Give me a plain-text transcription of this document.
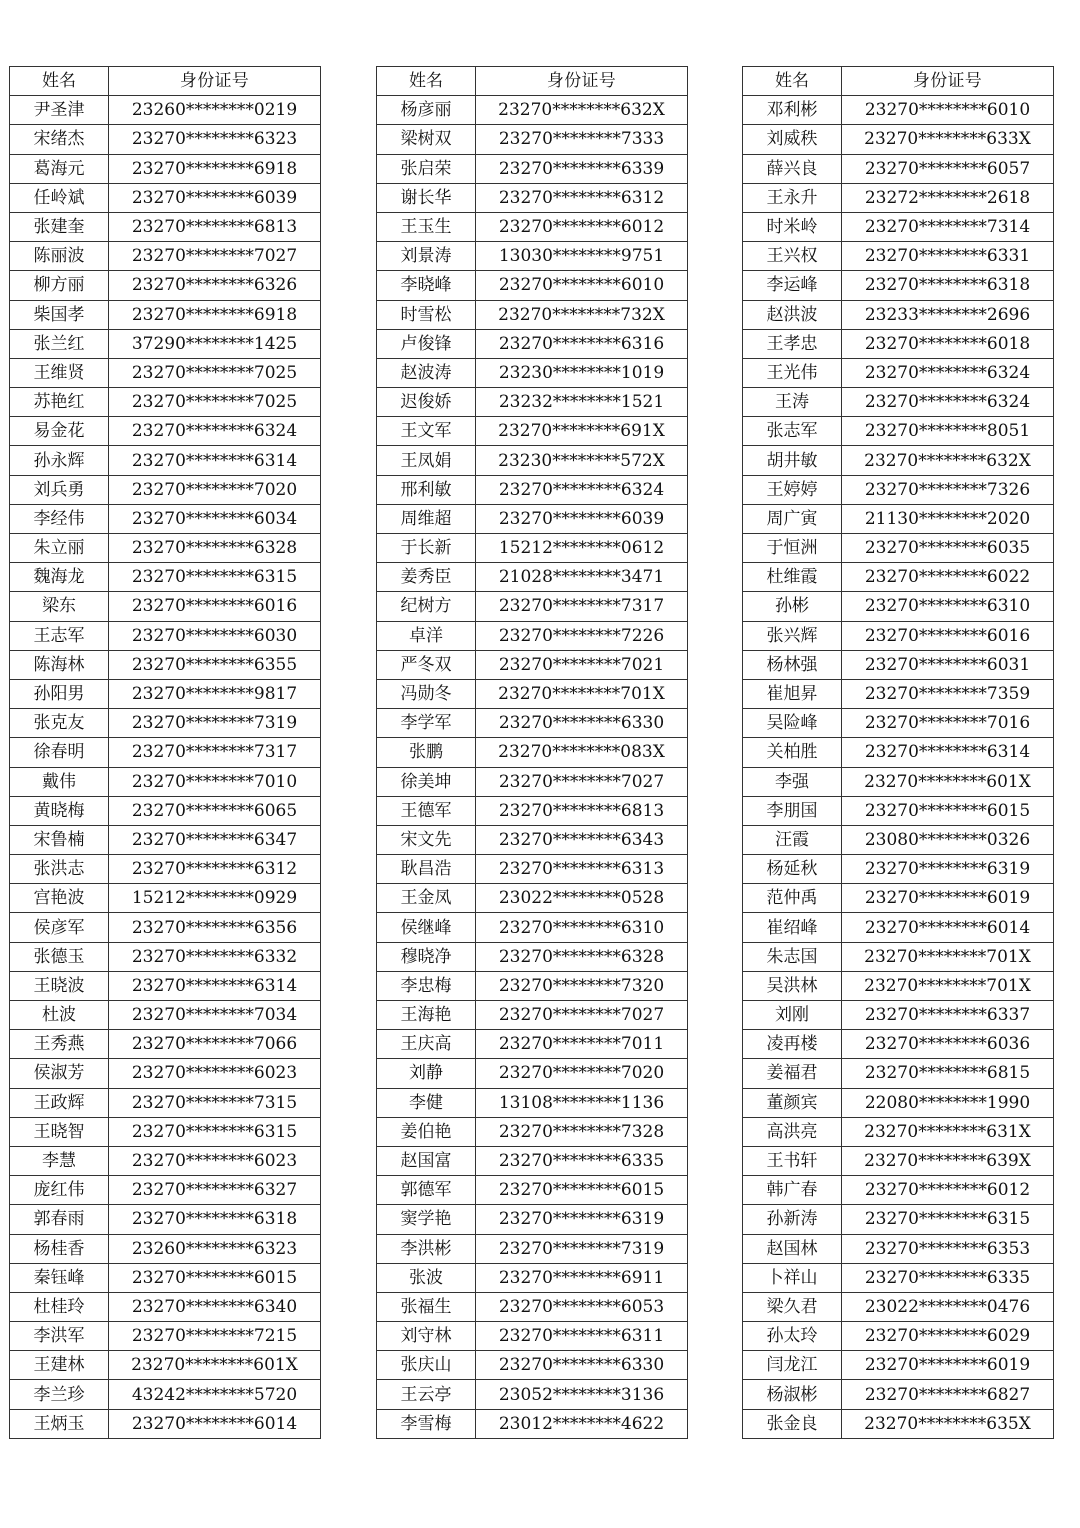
姓名	身份证号
尹圣津	23260********0219
宋绪杰	23270********6323
葛海元	23270********6918
任岭斌	23270********6039
张建奎	23270********6813
陈丽波	23270********7027
柳方丽	23270********6326
柴国孝	23270********6918
张兰红	37290********1425
王维贤	23270********7025
苏艳红	23270********7025
易金花	23270********6324
孙永辉	23270********6314
刘兵勇	23270********7020
李经伟	23270********6034
朱立丽	23270********6328
魏海龙	23270********6315
梁东	23270********6016
王志军	23270********6030
陈海林	23270********6355
孙阳男	23270********9817
张克友	23270********7319
徐春明	23270********7317
戴伟	23270********7010
黄晓梅	23270********6065
宋鲁楠	23270********6347
张洪志	23270********6312
宫艳波	15212********0929
侯彦军	23270********6356
张德玉	23270********6332
王晓波	23270********6314
杜波	23270********7034
王秀燕	23270********7066
侯淑芳	23270********6023
王政辉	23270********7315
王晓智	23270********6315
李慧	23270********6023
庞红伟	23270********6327
郭春雨	23270********6318
杨桂香	23260********6323
秦钰峰	23270********6015
杜桂玲	23270********6340
李洪军	23270********7215
王建林	23270********601X
李兰珍	43242********5720
王炳玉	23270********6014
姓名	身份证号
杨彦丽	23270********632X
梁树双	23270********7333
张启荣	23270********6339
谢长华	23270********6312
王玉生	23270********6012
刘景涛	13030********9751
李晓峰	23270********6010
时雪松	23270********732X
卢俊锋	23270********6316
赵波涛	23230********1019
迟俊娇	23232********1521
王文军	23270********691X
王凤娟	23230********572X
邢利敏	23270********6324
周维超	23270********6039
于长新	15212********0612
姜秀臣	21028********3471
纪树方	23270********7317
卓洋	23270********7226
严冬双	23270********7021
冯勋冬	23270********701X
李学军	23270********6330
张鹏	23270********083X
徐美坤	23270********7027
王德军	23270********6813
宋文先	23270********6343
耿昌浩	23270********6313
王金凤	23022********0528
侯继峰	23270********6310
穆晓净	23270********6328
李忠梅	23270********7320
王海艳	23270********7027
王庆高	23270********7011
刘静	23270********7020
李健	13108********1136
姜伯艳	23270********7328
赵国富	23270********6335
郭德军	23270********6015
窦学艳	23270********6319
李洪彬	23270********7319
张波	23270********6911
张福生	23270********6053
刘守林	23270********6311
张庆山	23270********6330
王云亭	23052********3136
李雪梅	23012********4622
姓名	身份证号
邓利彬	23270********6010
刘威秩	23270********633X
薛兴良	23270********6057
王永升	23272********2618
时米岭	23270********7314
王兴权	23270********6331
李运峰	23270********6318
赵洪波	23233********2696
王孝忠	23270********6018
王光伟	23270********6324
王涛	23270********6324
张志军	23270********8051
胡井敏	23270********632X
王婷婷	23270********7326
周广寅	21130********2020
于恒洲	23270********6035
杜维霞	23270********6022
孙彬	23270********6310
张兴辉	23270********6016
杨林强	23270********6031
崔旭昇	23270********7359
吴险峰	23270********7016
关柏胜	23270********6314
李强	23270********601X
李朋国	23270********6015
汪霞	23080********0326
杨延秋	23270********6319
范仲禹	23270********6019
崔绍峰	23270********6014
朱志国	23270********701X
吴洪林	23270********701X
刘刚	23270********6337
凌再楼	23270********6036
姜福君	23270********6815
董颜宾	22080********1990
高洪亮	23270********631X
王书轩	23270********639X
韩广春	23270********6012
孙新涛	23270********6315
赵国林	23270********6353
卜祥山	23270********6335
梁久君	23022********0476
孙太玲	23270********6029
闫龙江	23270********6019
杨淑彬	23270********6827
张金良	23270********635X
